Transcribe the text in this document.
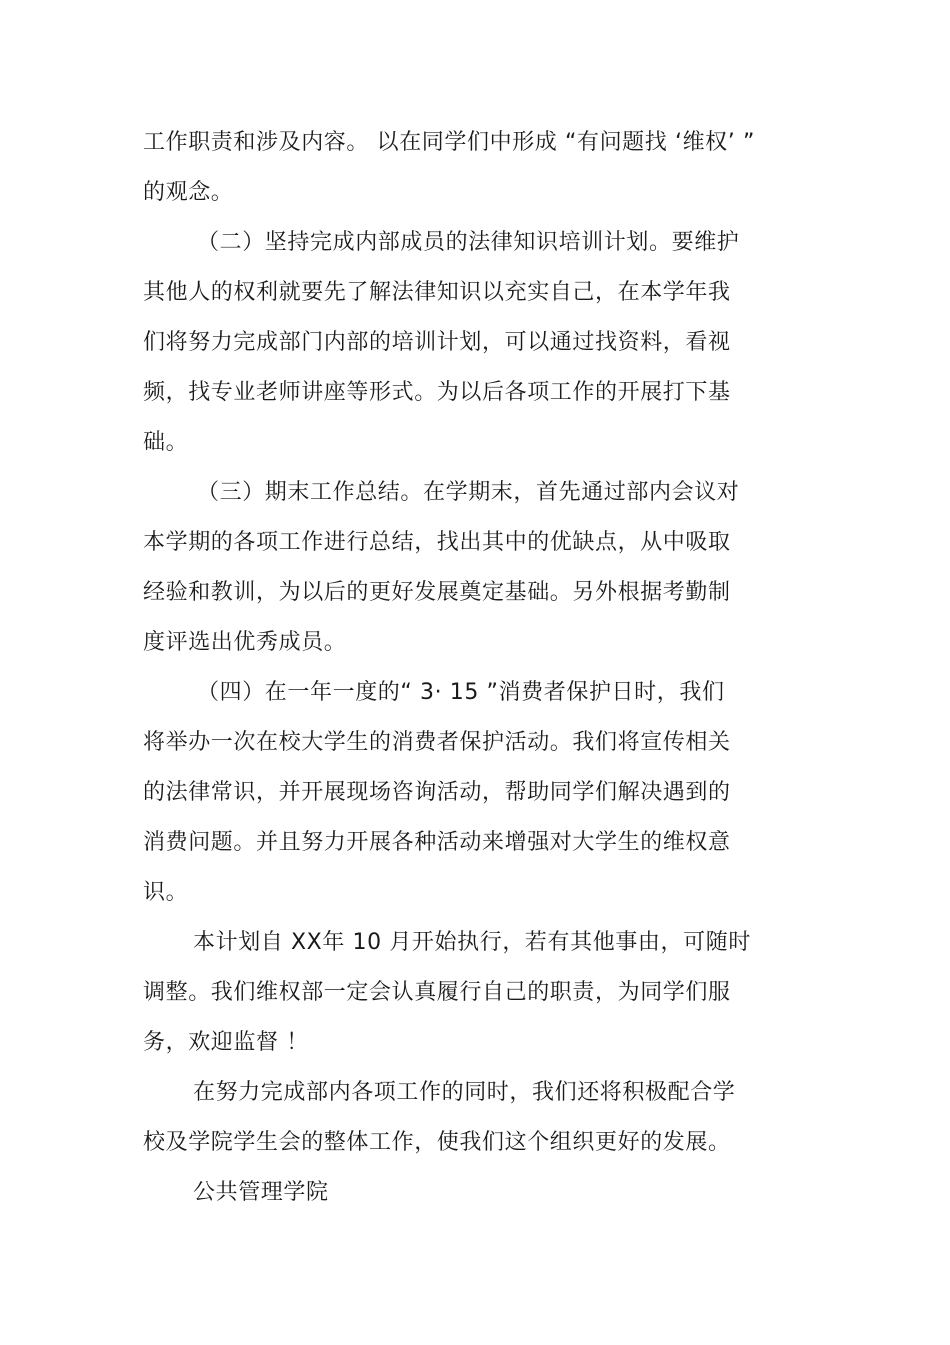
工作职责和涉及内容。 以在同学们中形成 “有问题找 ‘维权’ ”
的观念。
（二）坚持完成内部成员的法律知识培训计划。要维护
其他人的权利就要先了解法律知识以充实自己，在本学年我
们将努力完成部门内部的培训计划，可以通过找资料，看视
频，找专业老师讲座等形式。为以后各项工作的开展打下基
础。
（三）期末工作总结。在学期末，首先通过部内会议对
本学期的各项工作进行总结，找出其中的优缺点，从中吸取
经验和教训，为以后的更好发展奠定基础。另外根据考勤制
度评选出优秀成员。
（四）在一年一度的“ 3· 15 ”消费者保护日时，我们
将举办一次在校大学生的消费者保护活动。我们将宣传相关
的法律常识，并开展现场咨询活动，帮助同学们解决遇到的
消费问题。并且努力开展各种活动来增强对大学生的维权意
识。
本计划自 XX年 10 月开始执行，若有其他事由，可随时
调整。我们维权部一定会认真履行自己的职责，为同学们服
务，欢迎监督 ！
在努力完成部内各项工作的同时，我们还将积极配合学
校及学院学生会的整体工作，使我们这个组织更好的发展。
公共管理学院
